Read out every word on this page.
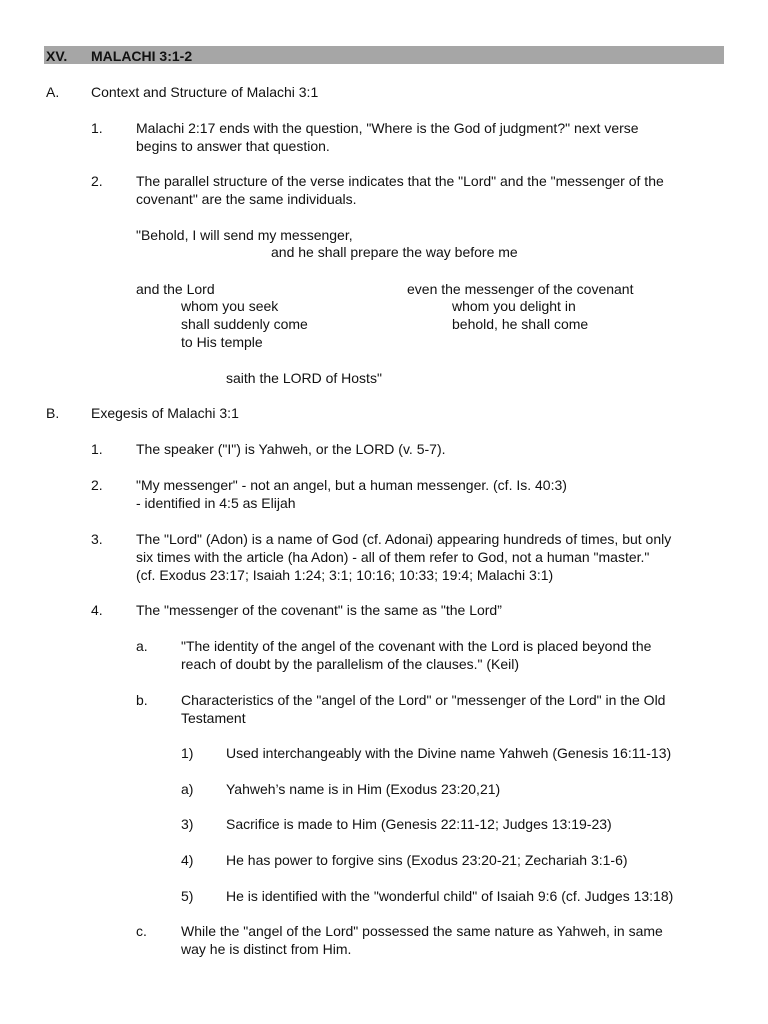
XV. MALACHI 3:1-2
A. Context and Structure of Malachi 3:1
1. Malachi 2:17 ends with the question, "Where is the God of judgment?" next verse
begins to answer that question.
2. The parallel structure of the verse indicates that the "Lord" and the "messenger of the
covenant" are the same individuals.
"Behold, I will send my messenger,
and he shall prepare the way before me
and the Lord
whom you seek
shall suddenly come
to His temple
even the messenger of the covenant
whom you delight in
behold, he shall come
saith the LORD of Hosts"
B. Exegesis of Malachi 3:1
1. The speaker ("I") is Yahweh, or the LORD (v. 5-7).
2. "My messenger" - not an angel, but a human messenger. (cf. Is. 40:3)
- identified in 4:5 as Elijah
3. The "Lord" (Adon) is a name of God (cf. Adonai) appearing hundreds of times, but only
six times with the article (ha Adon) - all of them refer to God, not a human "master."
(cf. Exodus 23:17; Isaiah 1:24; 3:1; 10:16; 10:33; 19:4; Malachi 3:1)
4. The "messenger of the covenant" is the same as "the Lord”
a. "The identity of the angel of the covenant with the Lord is placed beyond the
reach of doubt by the parallelism of the clauses." (Keil)
b. Characteristics of the "angel of the Lord" or "messenger of the Lord" in the Old
Testament
1) Used interchangeably with the Divine name Yahweh (Genesis 16:11-13)
a) Yahweh’s name is in Him (Exodus 23:20,21)
3) Sacrifice is made to Him (Genesis 22:11-12; Judges 13:19-23)
4) He has power to forgive sins (Exodus 23:20-21; Zechariah 3:1-6)
5) He is identified with the "wonderful child" of Isaiah 9:6 (cf. Judges 13:18)
c. While the "angel of the Lord" possessed the same nature as Yahweh, in same
way he is distinct from Him.
